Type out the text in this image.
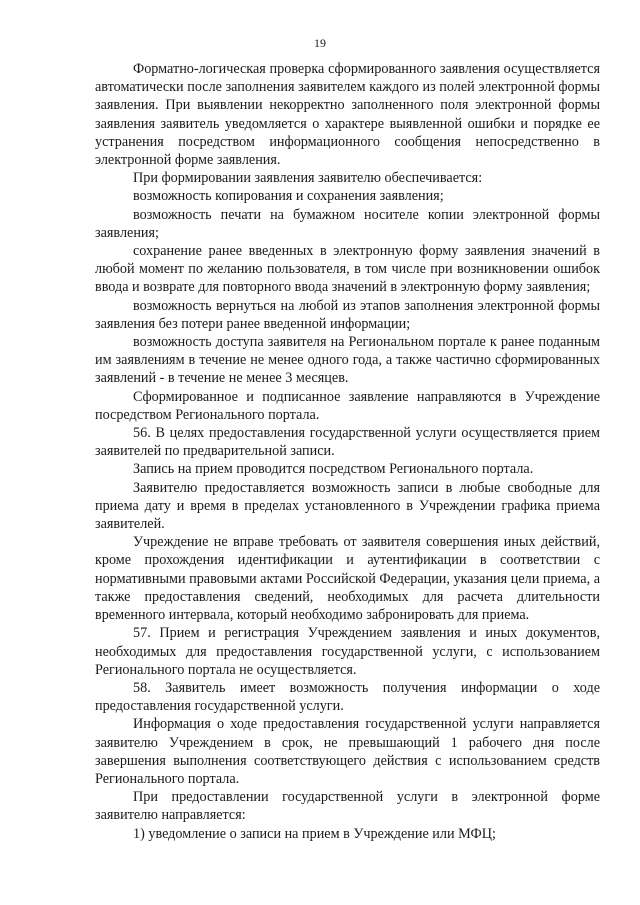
19

Форматно-логическая проверка сформированного заявления осуществляется автоматически после заполнения заявителем каждого из полей электронной формы заявления. При выявлении некорректно заполненного поля электронной формы заявления заявитель уведомляется о характере выявленной ошибки и порядке ее устранения посредством информационного сообщения непосредственно в электронной форме заявления.

При формировании заявления заявителю обеспечивается:

возможность копирования и сохранения заявления;

возможность печати на бумажном носителе копии электронной формы заявления;

сохранение ранее введенных в электронную форму заявления значений в любой момент по желанию пользователя, в том числе при возникновении ошибок ввода и возврате для повторного ввода значений в электронную форму заявления;

возможность вернуться на любой из этапов заполнения электронной формы заявления без потери ранее введенной информации;

возможность доступа заявителя на Региональном портале к ранее поданным им заявлениям в течение не менее одного года, а также частично сформированных заявлений - в течение не менее 3 месяцев.

Сформированное и подписанное заявление направляются в Учреждение посредством Регионального портала.

56. В целях предоставления государственной услуги осуществляется прием заявителей по предварительной записи.

Запись на прием проводится посредством Регионального портала.

Заявителю предоставляется возможность записи в любые свободные для приема дату и время в пределах установленного в Учреждении графика приема заявителей.

Учреждение не вправе требовать от заявителя совершения иных действий, кроме прохождения идентификации и аутентификации в соответствии с нормативными правовыми актами Российской Федерации, указания цели приема, а также предоставления сведений, необходимых для расчета длительности временного интервала, который необходимо забронировать для приема.

57. Прием и регистрация Учреждением заявления и иных документов, необходимых для предоставления государственной услуги, с использованием Регионального портала не осуществляется.

58. Заявитель имеет возможность получения информации о ходе предоставления государственной услуги.

Информация о ходе предоставления государственной услуги направляется заявителю Учреждением в срок, не превышающий 1 рабочего дня после завершения выполнения соответствующего действия с использованием средств Регионального портала.

При предоставлении государственной услуги в электронной форме заявителю направляется:

1) уведомление о записи на прием в Учреждение или МФЦ;
